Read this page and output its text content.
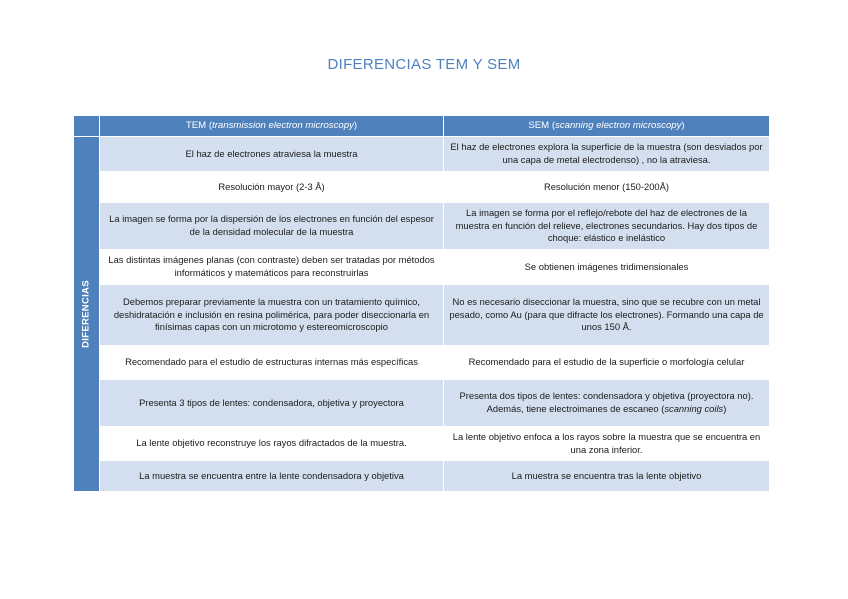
DIFERENCIAS TEM Y SEM
	TEM (transmission electron microscopy)	SEM (scanning electron microscopy)

DIFERENCIAS	El haz de electrones atraviesa la muestra	El haz de electrones explora la superficie de la muestra (son desviados por una capa de metal electrodenso) , no la atraviesa.
	Resolución mayor (2-3 Å)	Resolución menor (150-200Å)
	La imagen se forma por la dispersión de los electrones en función del espesor de la densidad molecular de la muestra	La imagen se forma por el reflejo/rebote del haz de electrones de la muestra en función del relieve, electrones secundarios. Hay dos tipos de choque: elástico e inelástico
	Las distintas imágenes planas (con contraste) deben ser tratadas por métodos informáticos y matemáticos para reconstruirlas	Se obtienen imágenes tridimensionales
	Debemos preparar previamente la muestra con un tratamiento químico, deshidratación e inclusión en resina polimérica, para poder diseccionarla en finísimas capas con un microtomo y estereomicroscopio	No es necesario diseccionar la muestra, sino que se recubre con un metal pesado, como Au (para que difracte los electrones). Formando una capa de unos 150 Å.
	Recomendado para el estudio de estructuras internas más específicas	Recomendado para el estudio de la superficie o morfología celular
	Presenta 3 tipos de lentes: condensadora, objetiva y proyectora	Presenta dos tipos de lentes: condensadora y objetiva (proyectora no). Además, tiene electroimanes de escaneo (scanning coils)
	La lente objetivo reconstruye los rayos difractados de la muestra.	La lente objetivo enfoca a los rayos sobre la muestra que se encuentra en una zona inferior.
	La muestra se encuentra entre la lente condensadora y objetiva	La muestra se encuentra tras la lente objetivo
